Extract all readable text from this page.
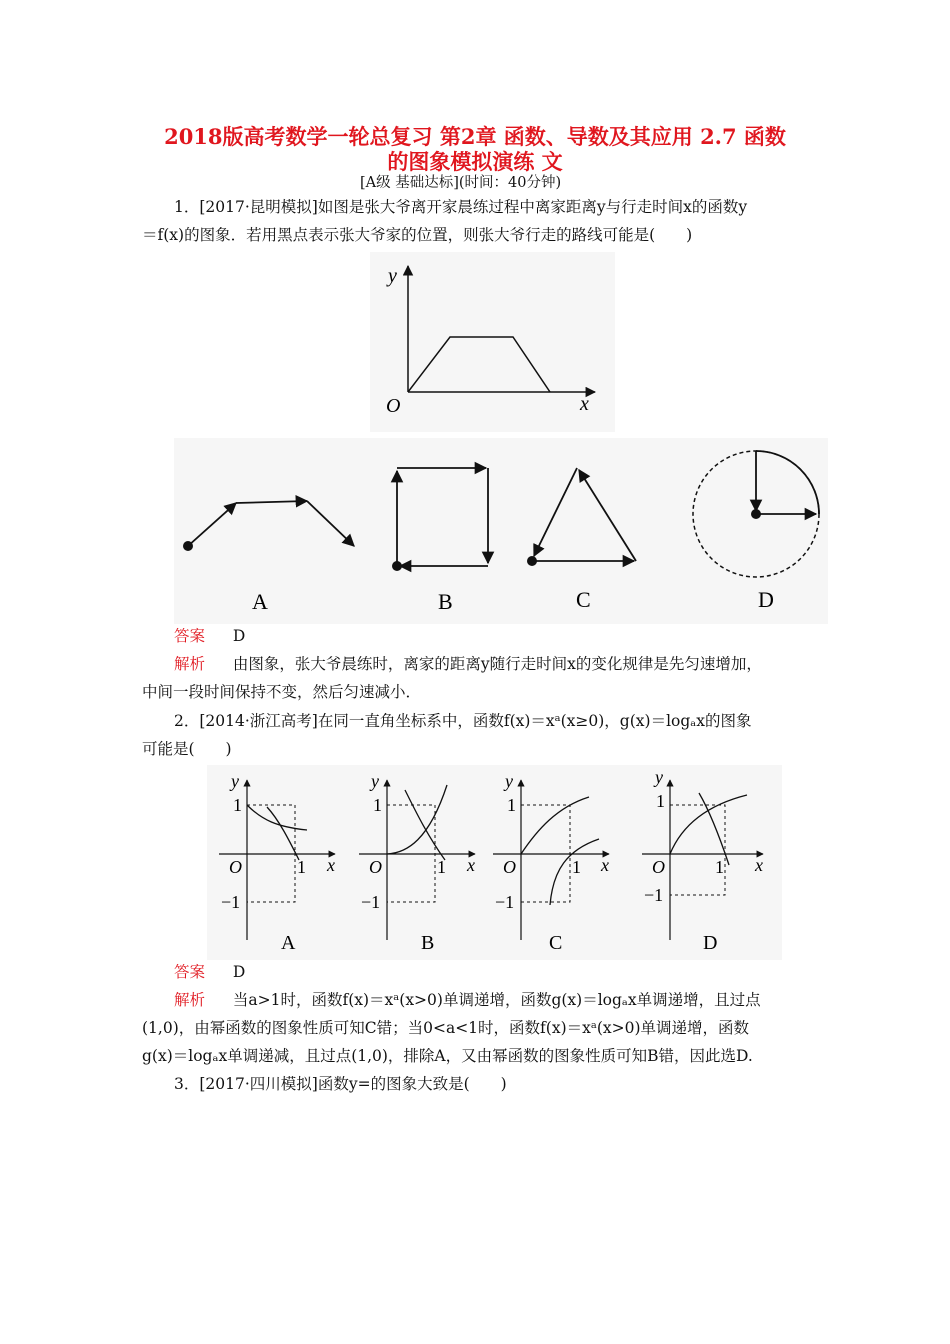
2018版高考数学一轮总复习 第2章 函数、导数及其应用 2.7 函数
的图象模拟演练 文
[A级 基础达标](时间：40分钟)
1．[2017·昆明模拟]如图是张大爷离开家晨练过程中离家距离y与行走时间x的函数y
＝f(x)的图象．若用黑点表示张大爷家的位置，则张大爷行走的路线可能是(　　)
y
x
O
A	B	C	D
答案 D
解析 由图象，张大爷晨练时，离家的距离y随行走时间x的变化规律是先匀速增加，
中间一段时间保持不变，然后匀速减小．
2．[2014·浙江高考]在同一直角坐标系中，函数f(x)＝xᵃ(x≥0)，g(x)＝logₐx的图象
可能是(　　)
y
x
O
1
1
−1
A
y
x
O
1
1
−1
B
y
x
O
1
1
−1
C
y
x
O
1
1
−1
D
答案 D
解析 当a>1时，函数f(x)＝xᵃ(x>0)单调递增，函数g(x)＝logₐx单调递增，且过点
(1,0)，由幂函数的图象性质可知C错；当0<a<1时，函数f(x)＝xᵃ(x>0)单调递增，函数
g(x)＝logₐx单调递减，且过点(1,0)，排除A，又由幂函数的图象性质可知B错，因此选D.
3．[2017·四川模拟]函数y=的图象大致是(　　)
